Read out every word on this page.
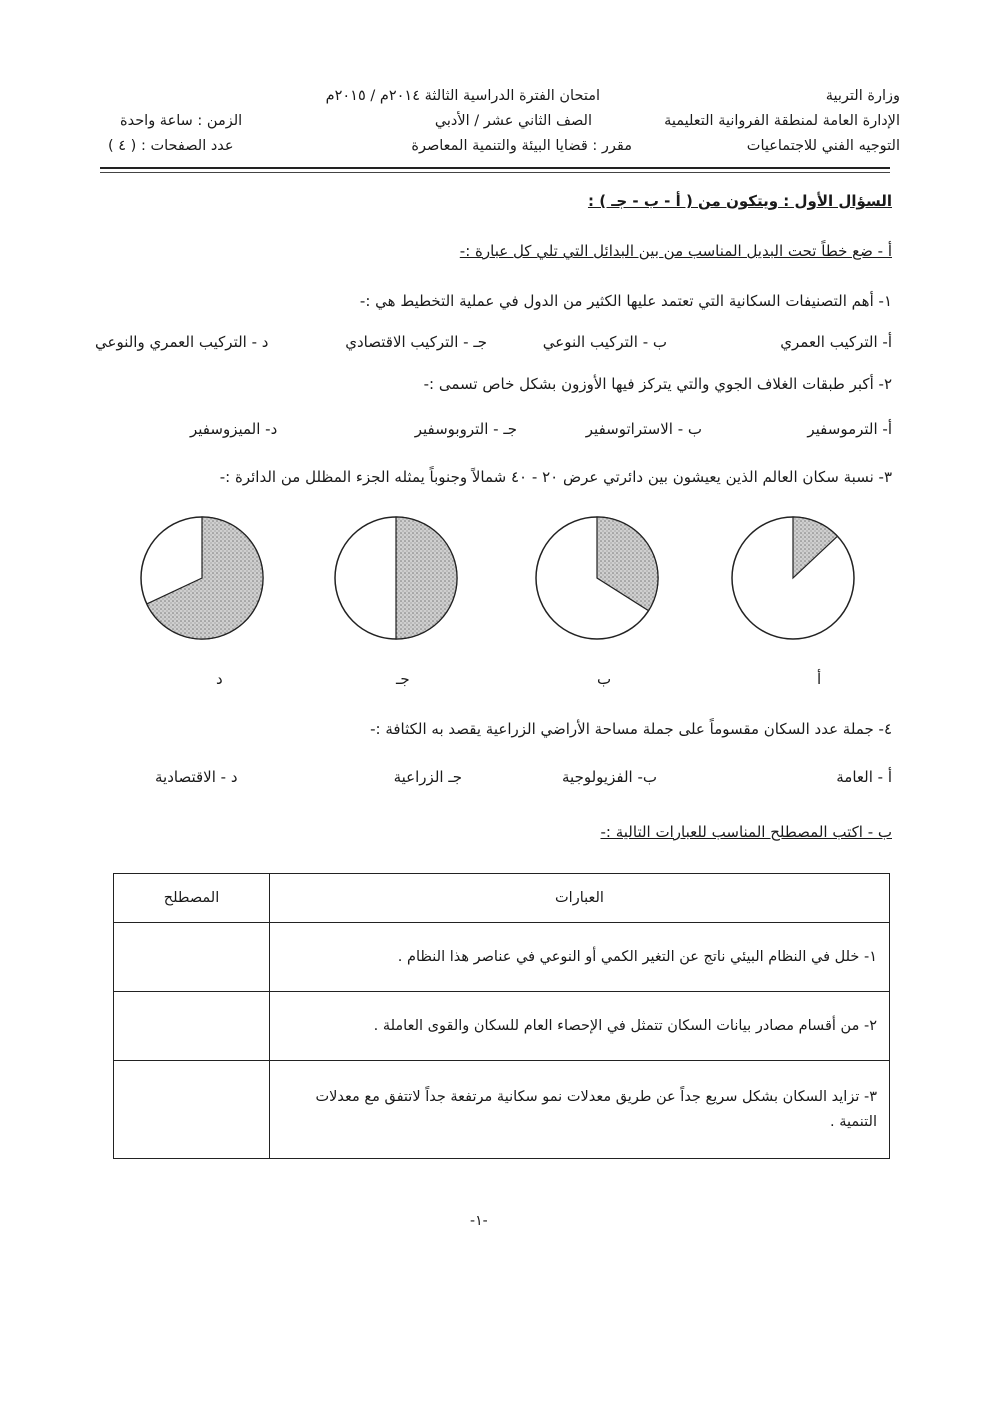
وزارة التربية
الإدارة العامة لمنطقة الفروانية التعليمية
التوجيه الفني للاجتماعيات
امتحان الفترة الدراسية الثالثة ٢٠١٤م / ٢٠١٥م
الصف الثاني عشر / الأدبي
مقرر : قضايا البيئة والتنمية المعاصرة
الزمن : ساعة واحدة
عدد الصفحات : ( ٤ )
السؤال الأول : ويتكون من ( أ - ب - جـ ) :
أ - ضع خطاً تحت البديل المناسب من بين البدائل التي تلي كل عبارة :-
١- أهم التصنيفات السكانية التي تعتمد عليها الكثير من الدول في عملية التخطيط هي :-
أ- التركيب العمري
ب - التركيب النوعي
جـ - التركيب الاقتصادي
د - التركيب العمري والنوعي
٢- أكبر طبقات الغلاف الجوي والتي يتركز فيها الأوزون بشكل خاص تسمى :-
أ- الترموسفير
ب - الاستراتوسفير
جـ - التروبوسفير
د- الميزوسفير
٣- نسبة سكان العالم الذين يعيشون بين دائرتي عرض ٢٠ - ٤٠ شمالاً وجنوباً يمثله الجزء المظلل من الدائرة :-
أ
ب
جـ
د
٤- جملة عدد السكان مقسوماً على جملة مساحة الأراضي الزراعية يقصد به الكثافة :-
أ - العامة
ب- الفزيولوجية
جـ الزراعية
د - الاقتصادية
ب - اكتب المصطلح المناسب للعبارات التالية :-
العبارات	المصطلح
١- خلل في النظام البيئي ناتج عن التغير الكمي أو النوعي في عناصر هذا النظام .	
٢- من أقسام مصادر بيانات السكان تتمثل في الإحصاء العام للسكان والقوى العاملة .	
٣- تزايد السكان بشكل سريع جداً عن طريق معدلات نمو سكانية مرتفعة جداً لاتتفق مع معدلات التنمية .	
-١-
